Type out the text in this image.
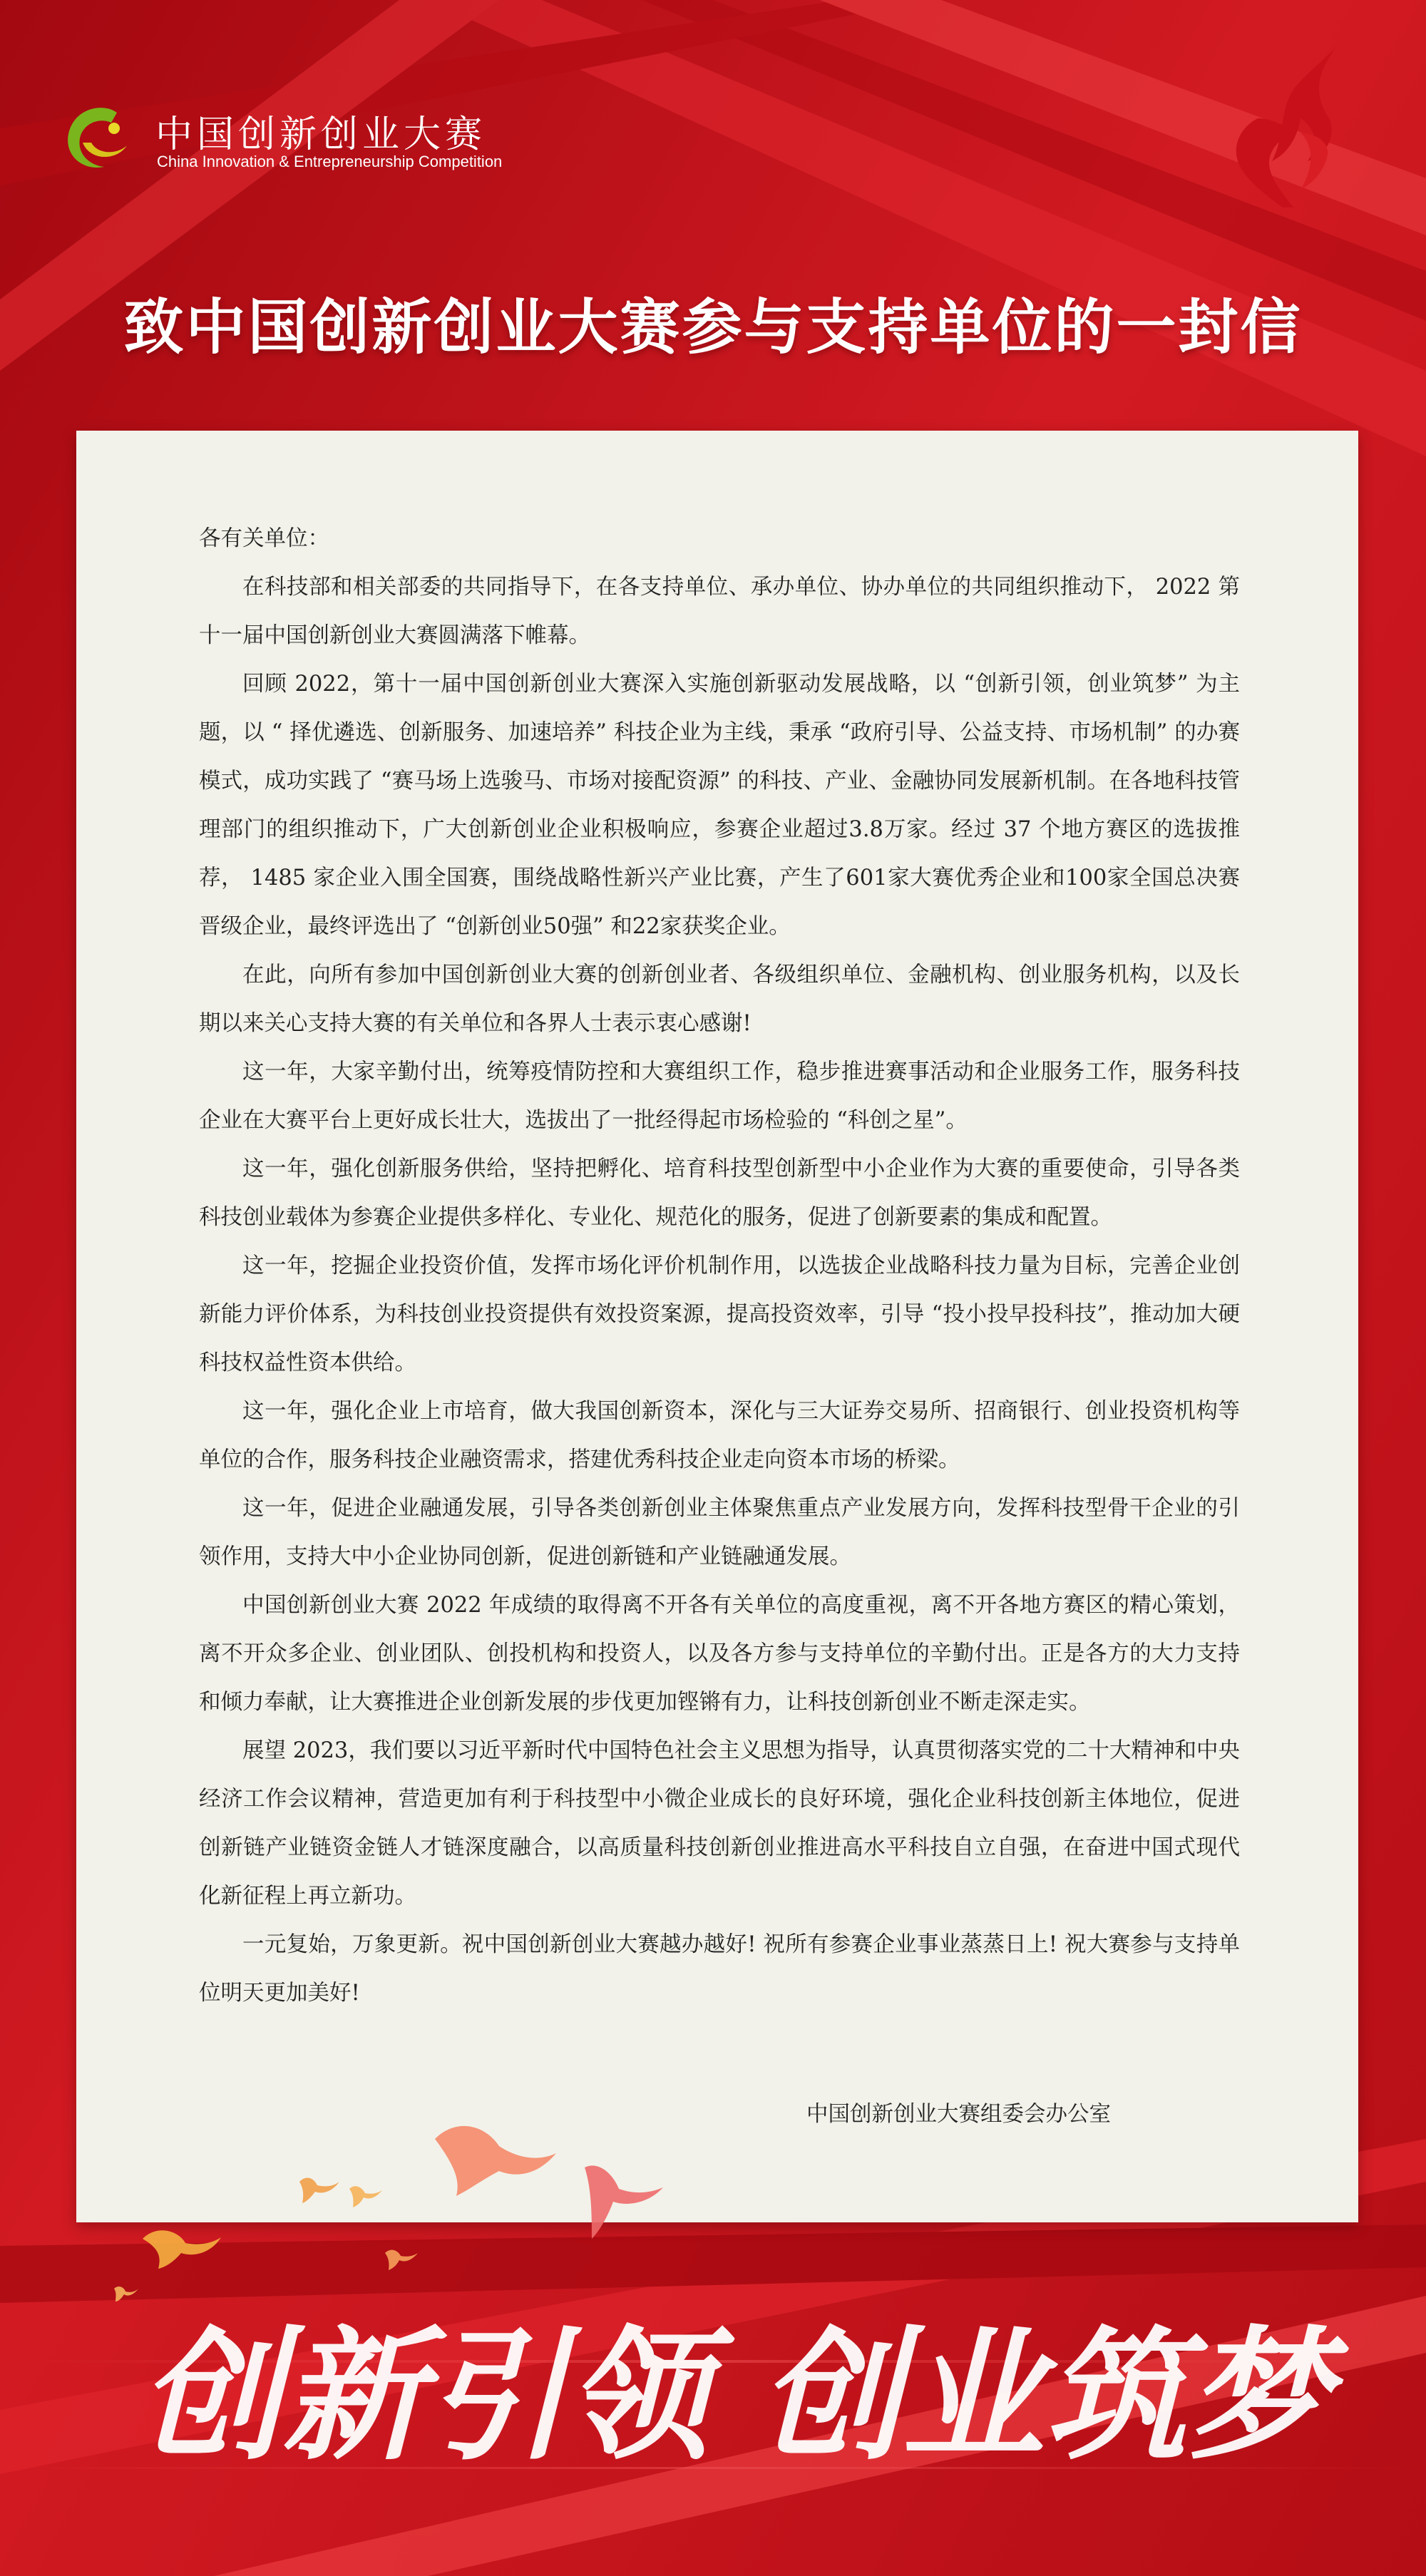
中国创新创业大赛
China Innovation & Entrepreneurship Competition
致中国创新创业大赛参与支持单位的一封信

各有关单位：

在科技部和相关部委的共同指导下，在各支持单位、承办单位、协办单位的共同组织推动下， 2022 第十一届中国创新创业大赛圆满落下帷幕。

回顾 2022，第十一届中国创新创业大赛深入实施创新驱动发展战略，以 “创新引领，创业筑梦” 为主题，以 “ 择优遴选、创新服务、加速培养” 科技企业为主线，秉承 “政府引导、公益支持、市场机制” 的办赛模式，成功实践了 “赛马场上选骏马、市场对接配资源” 的科技、产业、金融协同发展新机制。在各地科技管理部门的组织推动下，广大创新创业企业积极响应，参赛企业超过3.8万家。经过 37 个地方赛区的选拔推荐， 1485 家企业入围全国赛，围绕战略性新兴产业比赛，产生了601家大赛优秀企业和100家全国总决赛晋级企业，最终评选出了 “创新创业50强” 和22家获奖企业。

在此，向所有参加中国创新创业大赛的创新创业者、各级组织单位、金融机构、创业服务机构，以及长期以来关心支持大赛的有关单位和各界人士表示衷心感谢!

这一年，大家辛勤付出，统筹疫情防控和大赛组织工作，稳步推进赛事活动和企业服务工作，服务科技企业在大赛平台上更好成长壮大，选拔出了一批经得起市场检验的 “科创之星”。

这一年，强化创新服务供给，坚持把孵化、培育科技型创新型中小企业作为大赛的重要使命，引导各类科技创业载体为参赛企业提供多样化、专业化、规范化的服务，促进了创新要素的集成和配置。

这一年，挖掘企业投资价值，发挥市场化评价机制作用，以选拔企业战略科技力量为目标，完善企业创新能力评价体系，为科技创业投资提供有效投资案源，提高投资效率，引导 “投小投早投科技”，推动加大硬科技权益性资本供给。

这一年，强化企业上市培育，做大我国创新资本，深化与三大证券交易所、招商银行、创业投资机构等单位的合作，服务科技企业融资需求，搭建优秀科技企业走向资本市场的桥梁。

这一年，促进企业融通发展，引导各类创新创业主体聚焦重点产业发展方向，发挥科技型骨干企业的引领作用，支持大中小企业协同创新，促进创新链和产业链融通发展。

中国创新创业大赛 2022 年成绩的取得离不开各有关单位的高度重视，离不开各地方赛区的精心策划，离不开众多企业、创业团队、创投机构和投资人，以及各方参与支持单位的辛勤付出。正是各方的大力支持和倾力奉献，让大赛推进企业创新发展的步伐更加铿锵有力，让科技创新创业不断走深走实。

展望 2023，我们要以习近平新时代中国特色社会主义思想为指导，认真贯彻落实党的二十大精神和中央经济工作会议精神，营造更加有利于科技型中小微企业成长的良好环境，强化企业科技创新主体地位，促进创新链产业链资金链人才链深度融合，以高质量科技创新创业推进高水平科技自立自强，在奋进中国式现代化新征程上再立新功。

一元复始，万象更新。祝中国创新创业大赛越办越好! 祝所有参赛企业事业蒸蒸日上! 祝大赛参与支持单位明天更加美好!

中国创新创业大赛组委会办公室
创新引领 创业筑梦
